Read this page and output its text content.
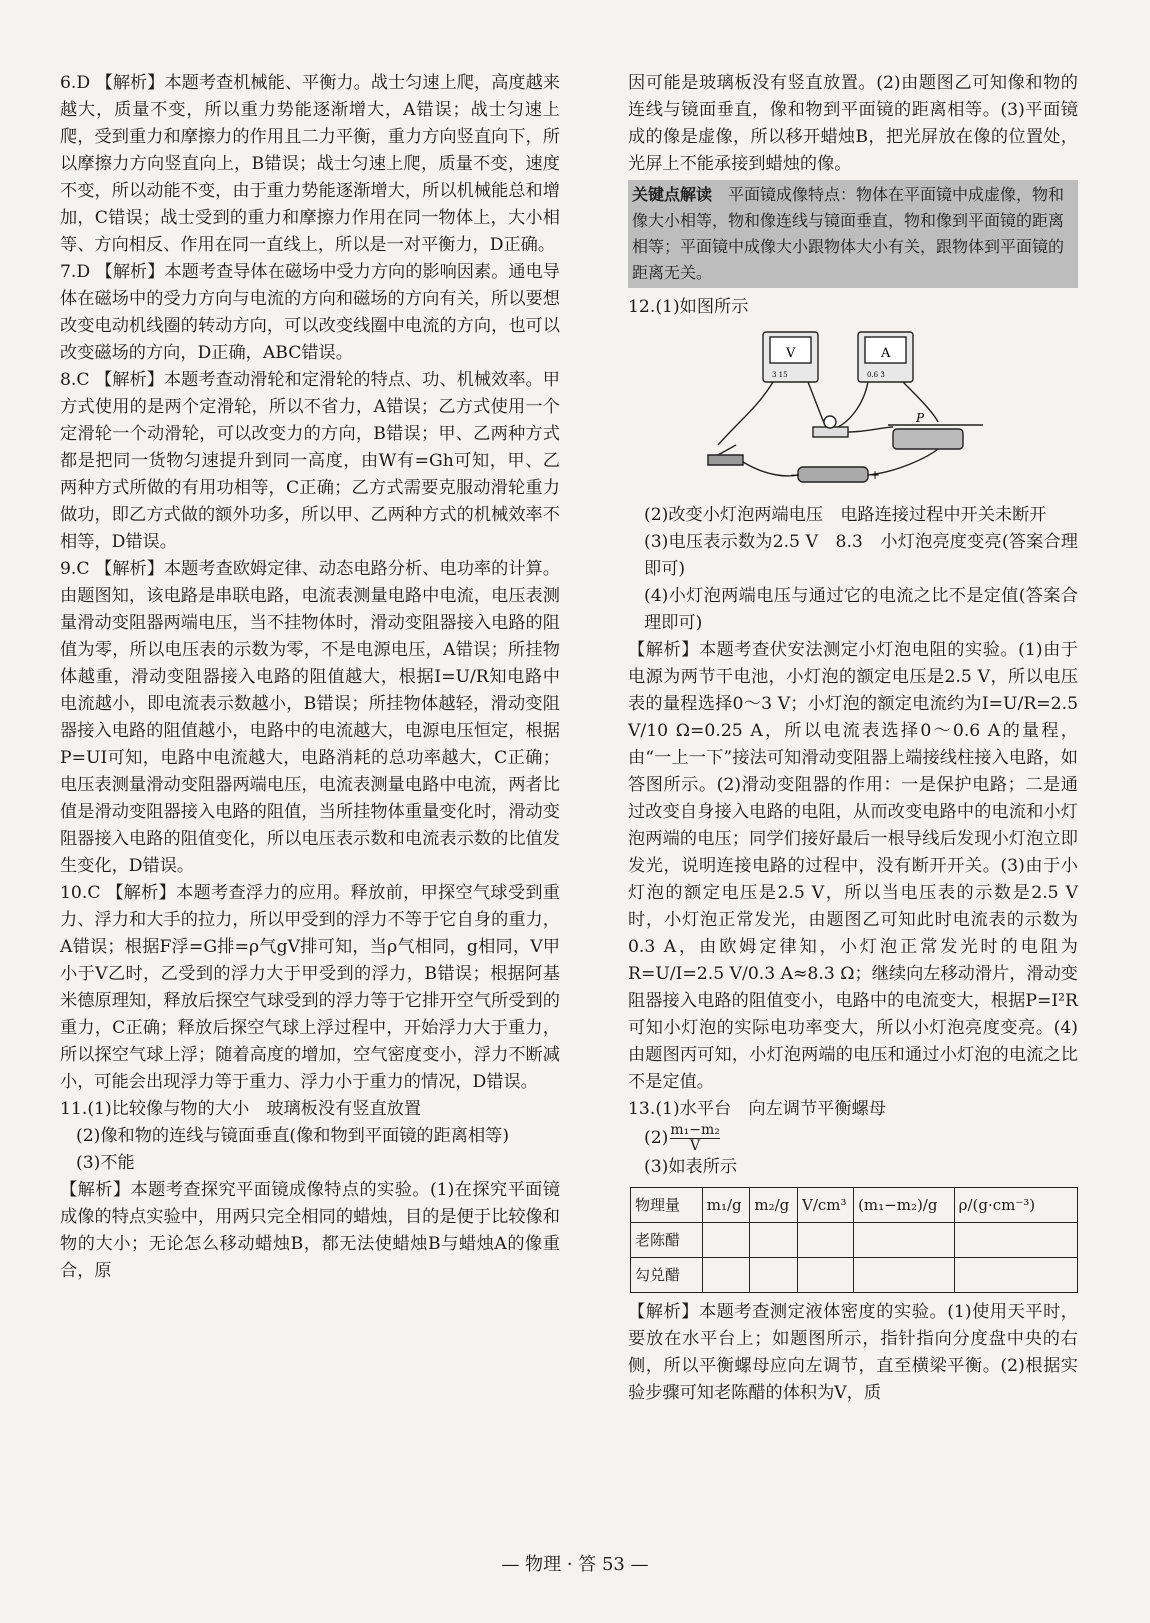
6.D 【解析】本题考查机械能、平衡力。战士匀速上爬，高度越来越大，质量不变，所以重力势能逐渐增大，A错误；战士匀速上爬，受到重力和摩擦力的作用且二力平衡，重力方向竖直向下，所以摩擦力方向竖直向上，B错误；战士匀速上爬，质量不变，速度不变，所以动能不变，由于重力势能逐渐增大，所以机械能总和增加，C错误；战士受到的重力和摩擦力作用在同一物体上，大小相等、方向相反、作用在同一直线上，所以是一对平衡力，D正确。

7.D 【解析】本题考查导体在磁场中受力方向的影响因素。通电导体在磁场中的受力方向与电流的方向和磁场的方向有关，所以要想改变电动机线圈的转动方向，可以改变线圈中电流的方向，也可以改变磁场的方向，D正确，ABC错误。

8.C 【解析】本题考查动滑轮和定滑轮的特点、功、机械效率。甲方式使用的是两个定滑轮，所以不省力，A错误；乙方式使用一个定滑轮一个动滑轮，可以改变力的方向，B错误；甲、乙两种方式都是把同一货物匀速提升到同一高度，由W有=Gh可知，甲、乙两种方式所做的有用功相等，C正确；乙方式需要克服动滑轮重力做功，即乙方式做的额外功多，所以甲、乙两种方式的机械效率不相等，D错误。

9.C 【解析】本题考查欧姆定律、动态电路分析、电功率的计算。由题图知，该电路是串联电路，电流表测量电路中电流，电压表测量滑动变阻器两端电压，当不挂物体时，滑动变阻器接入电路的阻值为零，所以电压表的示数为零，不是电源电压，A错误；所挂物体越重，滑动变阻器接入电路的阻值越大，根据I=U/R知电路中电流越小，即电流表示数越小，B错误；所挂物体越轻，滑动变阻器接入电路的阻值越小，电路中的电流越大，电源电压恒定，根据P=UI可知，电路中电流越大，电路消耗的总功率越大，C正确；电压表测量滑动变阻器两端电压，电流表测量电路中电流，两者比值是滑动变阻器接入电路的阻值，当所挂物体重量变化时，滑动变阻器接入电路的阻值变化，所以电压表示数和电流表示数的比值发生变化，D错误。

10.C 【解析】本题考查浮力的应用。释放前，甲探空气球受到重力、浮力和大手的拉力，所以甲受到的浮力不等于它自身的重力，A错误；根据F浮=G排=ρ气gV排可知，当ρ气相同，g相同，V甲小于V乙时，乙受到的浮力大于甲受到的浮力，B错误；根据阿基米德原理知，释放后探空气球受到的浮力等于它排开空气所受到的重力，C正确；释放后探空气球上浮过程中，开始浮力大于重力，所以探空气球上浮；随着高度的增加，空气密度变小，浮力不断减小，可能会出现浮力等于重力、浮力小于重力的情况，D错误。

11.(1)比较像与物的大小　玻璃板没有竖直放置

(2)像和物的连线与镜面垂直(像和物到平面镜的距离相等)

(3)不能

【解析】本题考查探究平面镜成像特点的实验。(1)在探究平面镜成像的特点实验中，用两只完全相同的蜡烛，目的是便于比较像和物的大小；无论怎么移动蜡烛B，都无法使蜡烛B与蜡烛A的像重合，原

因可能是玻璃板没有竖直放置。(2)由题图乙可知像和物的连线与镜面垂直，像和物到平面镜的距离相等。(3)平面镜成的像是虚像，所以移开蜡烛B，把光屏放在像的位置处，光屏上不能承接到蜡烛的像。

关键点解读　 平面镜成像特点：物体在平面镜中成虚像，物和像大小相等，物和像连线与镜面垂直，物和像到平面镜的距离相等；平面镜中成像大小跟物体大小有关，跟物体到平面镜的距离无关。

12.(1)如图所示

V	A
3 15	0.6 3
P
−	+

(2)改变小灯泡两端电压　电路连接过程中开关未断开

(3)电压表示数为2.5 V　8.3　小灯泡亮度变亮(答案合理即可)

(4)小灯泡两端电压与通过它的电流之比不是定值(答案合理即可)

【解析】本题考查伏安法测定小灯泡电阻的实验。(1)由于电源为两节干电池，小灯泡的额定电压是2.5 V，所以电压表的量程选择0～3 V；小灯泡的额定电流约为I=U/R=2.5 V/10 Ω=0.25 A，所以电流表选择0～0.6 A的量程，由“一上一下”接法可知滑动变阻器上端接线柱接入电路，如答图所示。(2)滑动变阻器的作用：一是保护电路；二是通过改变自身接入电路的电阻，从而改变电路中的电流和小灯泡两端的电压；同学们接好最后一根导线后发现小灯泡立即发光，说明连接电路的过程中，没有断开开关。(3)由于小灯泡的额定电压是2.5 V，所以当电压表的示数是2.5 V时，小灯泡正常发光，由题图乙可知此时电流表的示数为0.3 A，由欧姆定律知，小灯泡正常发光时的电阻为R=U/I=2.5 V/0.3 A≈8.3 Ω；继续向左移动滑片，滑动变阻器接入电路的阻值变小，电路中的电流变大，根据P=I²R可知小灯泡的实际电功率变大，所以小灯泡亮度变亮。(4)由题图丙可知，小灯泡两端的电压和通过小灯泡的电流之比不是定值。

13.(1)水平台　向左调节平衡螺母

$(2) \frac{\text{m₁−m₂}}{V}$

(3)如表所示

物理量	m₁/g	m₂/g	V/cm³	(m₁−m₂)/g	ρ/(g·cm⁻³)
老陈醋					
勾兑醋					

【解析】本题考查测定液体密度的实验。(1)使用天平时，要放在水平台上；如题图所示，指针指向分度盘中央的右侧，所以平衡螺母应向左调节，直至横梁平衡。(2)根据实验步骤可知老陈醋的体积为V，质

— 物理 · 答 53 —
